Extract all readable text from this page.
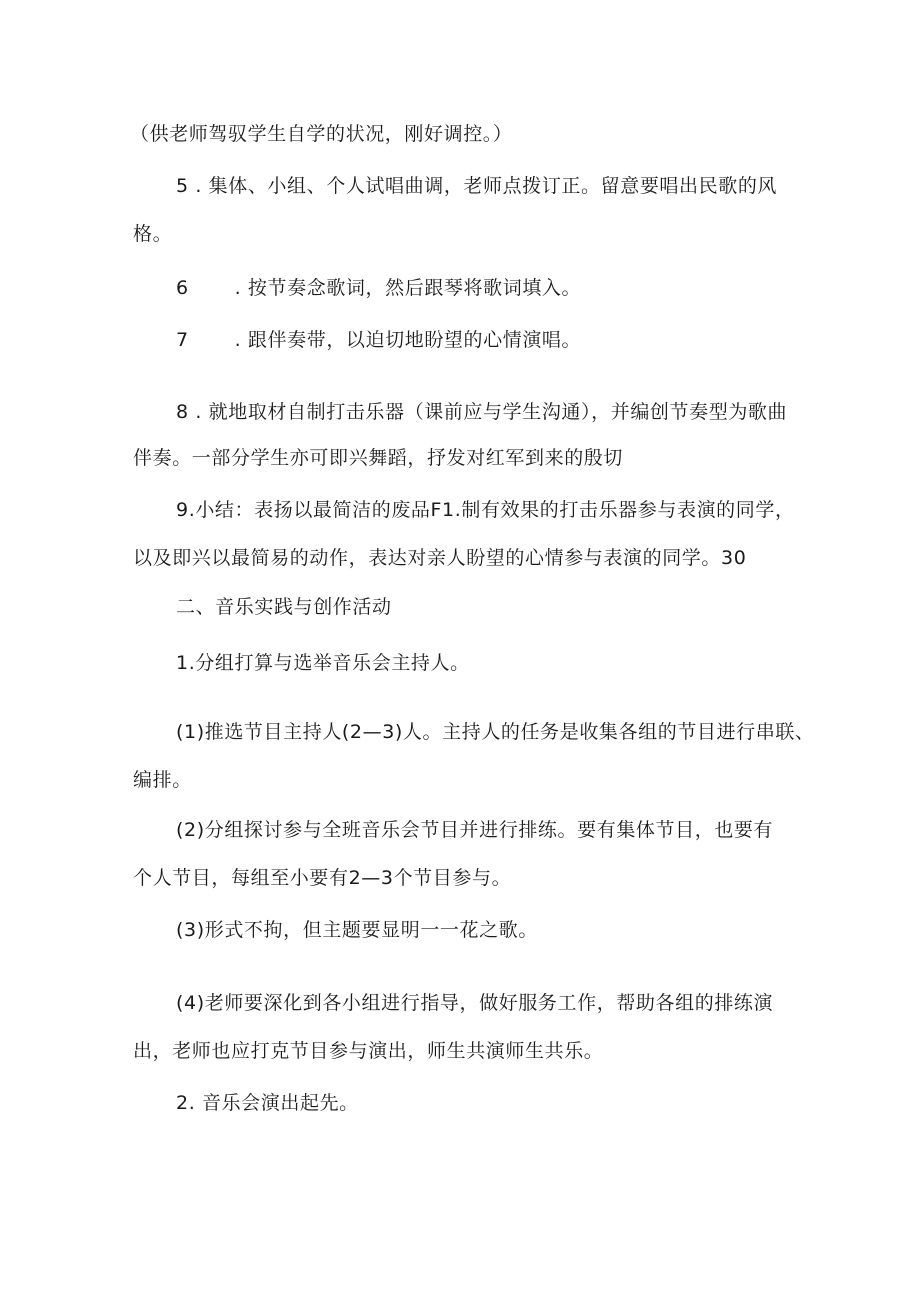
（供老师驾驭学生自学的状况，刚好调控。）
5 . 集体、小组、个人试唱曲调，老师点拨订正。留意要唱出民歌的风
格。
6 . 按节奏念歌词，然后跟琴将歌词填入。
7 . 跟伴奏带，以迫切地盼望的心情演唱。
8 . 就地取材自制打击乐器（课前应与学生沟通），并编创节奏型为歌曲
伴奏。一部分学生亦可即兴舞蹈，抒发对红军到来的殷切
9.小结：表扬以最简洁的废品F1.制有效果的打击乐器参与表演的同学，
以及即兴以最简易的动作，表达对亲人盼望的心情参与表演的同学。30
二、音乐实践与创作活动
1.分组打算与选举音乐会主持人。
(1)推选节目主持人(2—3)人。主持人的任务是收集各组的节目进行串联、
编排。
(2)分组探讨参与全班音乐会节目并进行排练。要有集体节目，也要有
个人节目，每组至小要有2—3个节目参与。
(3)形式不拘，但主题要显明一一花之歌。
(4)老师要深化到各小组进行指导，做好服务工作，帮助各组的排练演
出，老师也应打克节目参与演出，师生共演师生共乐。
2. 音乐会演出起先。
